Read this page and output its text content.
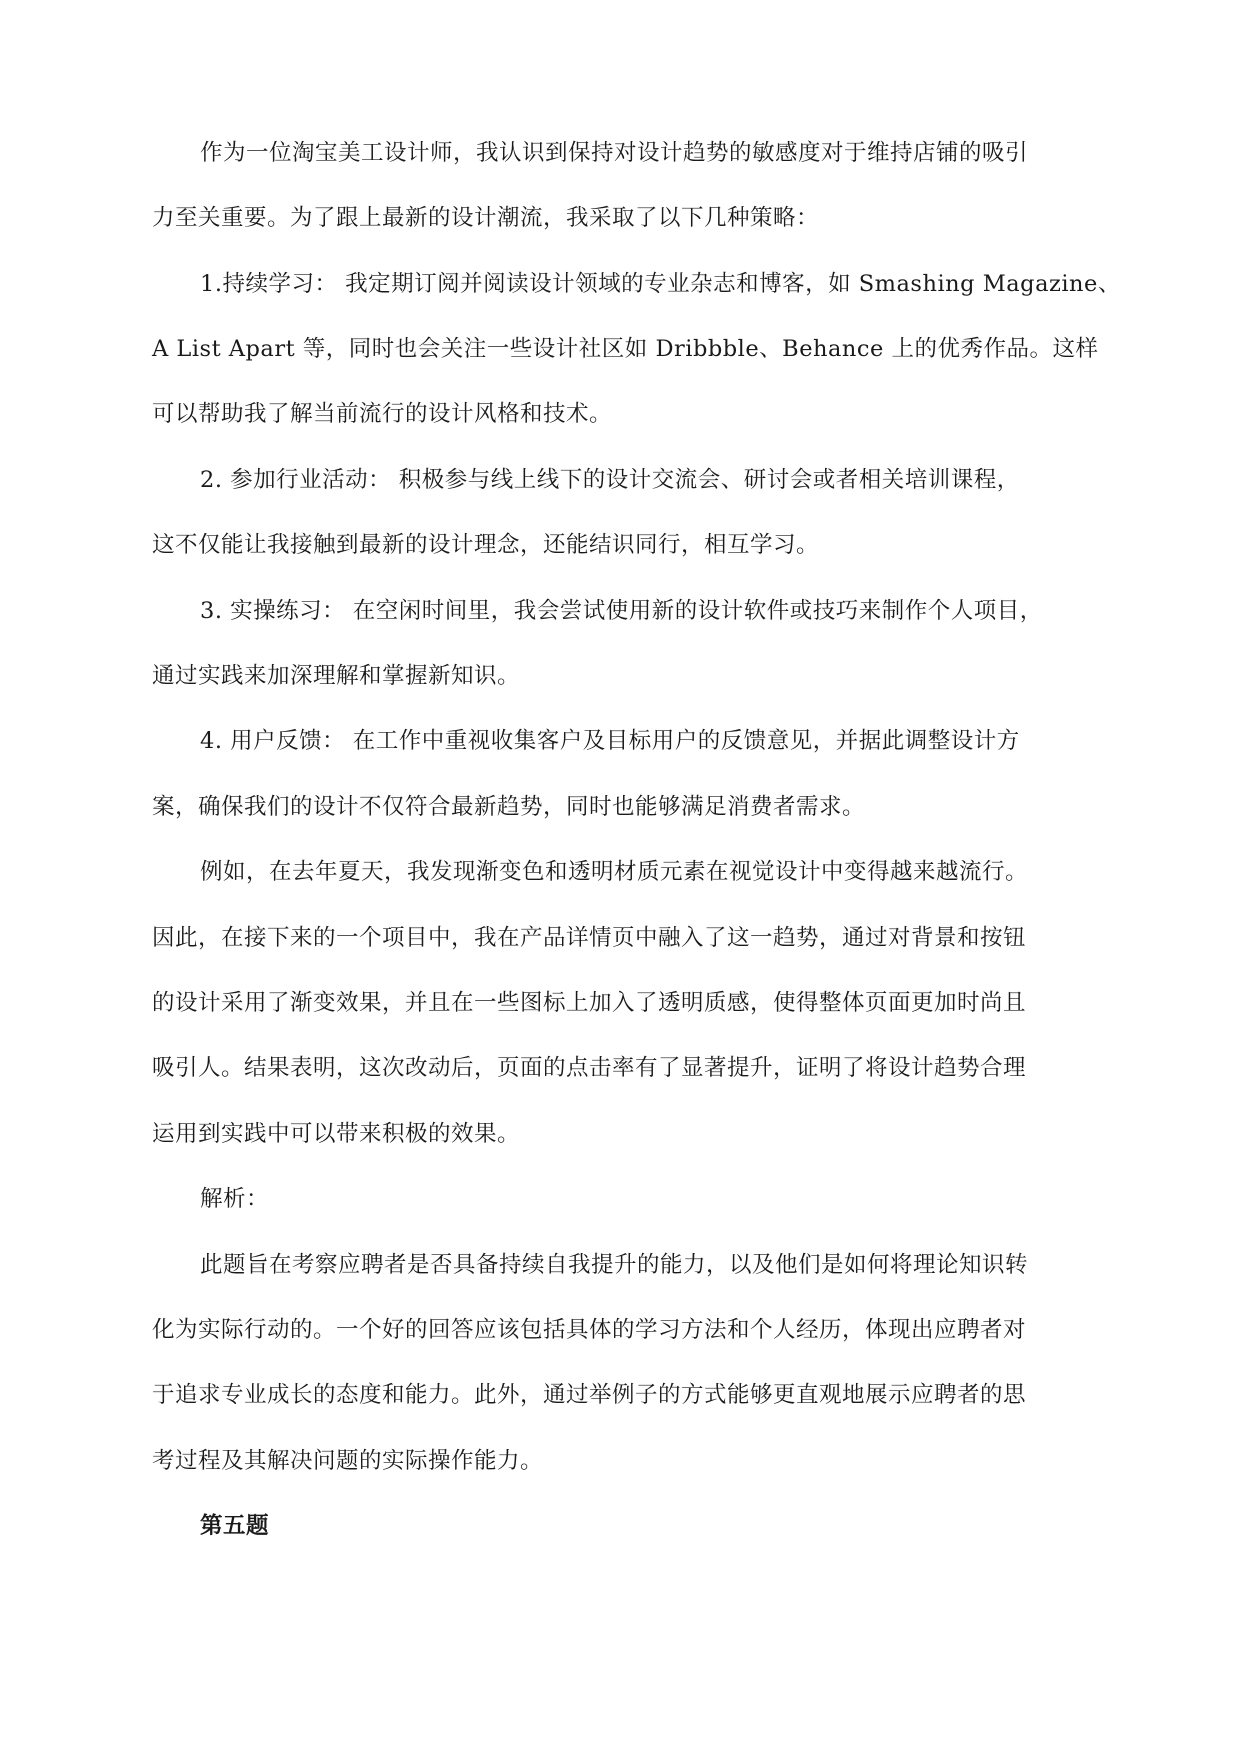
作为一位淘宝美工设计师，我认识到保持对设计趋势的敏感度对于维持店铺的吸引
力至关重要。为了跟上最新的设计潮流，我采取了以下几种策略：
1.持续学习： 我定期订阅并阅读设计领域的专业杂志和博客，如 Smashing Magazine、
A List Apart 等，同时也会关注一些设计社区如 Dribbble、Behance 上的优秀作品。这样
可以帮助我了解当前流行的设计风格和技术。
2. 参加行业活动： 积极参与线上线下的设计交流会、研讨会或者相关培训课程，
这不仅能让我接触到最新的设计理念，还能结识同行，相互学习。
3. 实操练习： 在空闲时间里，我会尝试使用新的设计软件或技巧来制作个人项目，
通过实践来加深理解和掌握新知识。
4. 用户反馈： 在工作中重视收集客户及目标用户的反馈意见，并据此调整设计方
案，确保我们的设计不仅符合最新趋势，同时也能够满足消费者需求。
例如，在去年夏天，我发现渐变色和透明材质元素在视觉设计中变得越来越流行。
因此，在接下来的一个项目中，我在产品详情页中融入了这一趋势，通过对背景和按钮
的设计采用了渐变效果，并且在一些图标上加入了透明质感，使得整体页面更加时尚且
吸引人。结果表明，这次改动后，页面的点击率有了显著提升，证明了将设计趋势合理
运用到实践中可以带来积极的效果。
解析：
此题旨在考察应聘者是否具备持续自我提升的能力，以及他们是如何将理论知识转
化为实际行动的。一个好的回答应该包括具体的学习方法和个人经历，体现出应聘者对
于追求专业成长的态度和能力。此外，通过举例子的方式能够更直观地展示应聘者的思
考过程及其解决问题的实际操作能力。
第五题
